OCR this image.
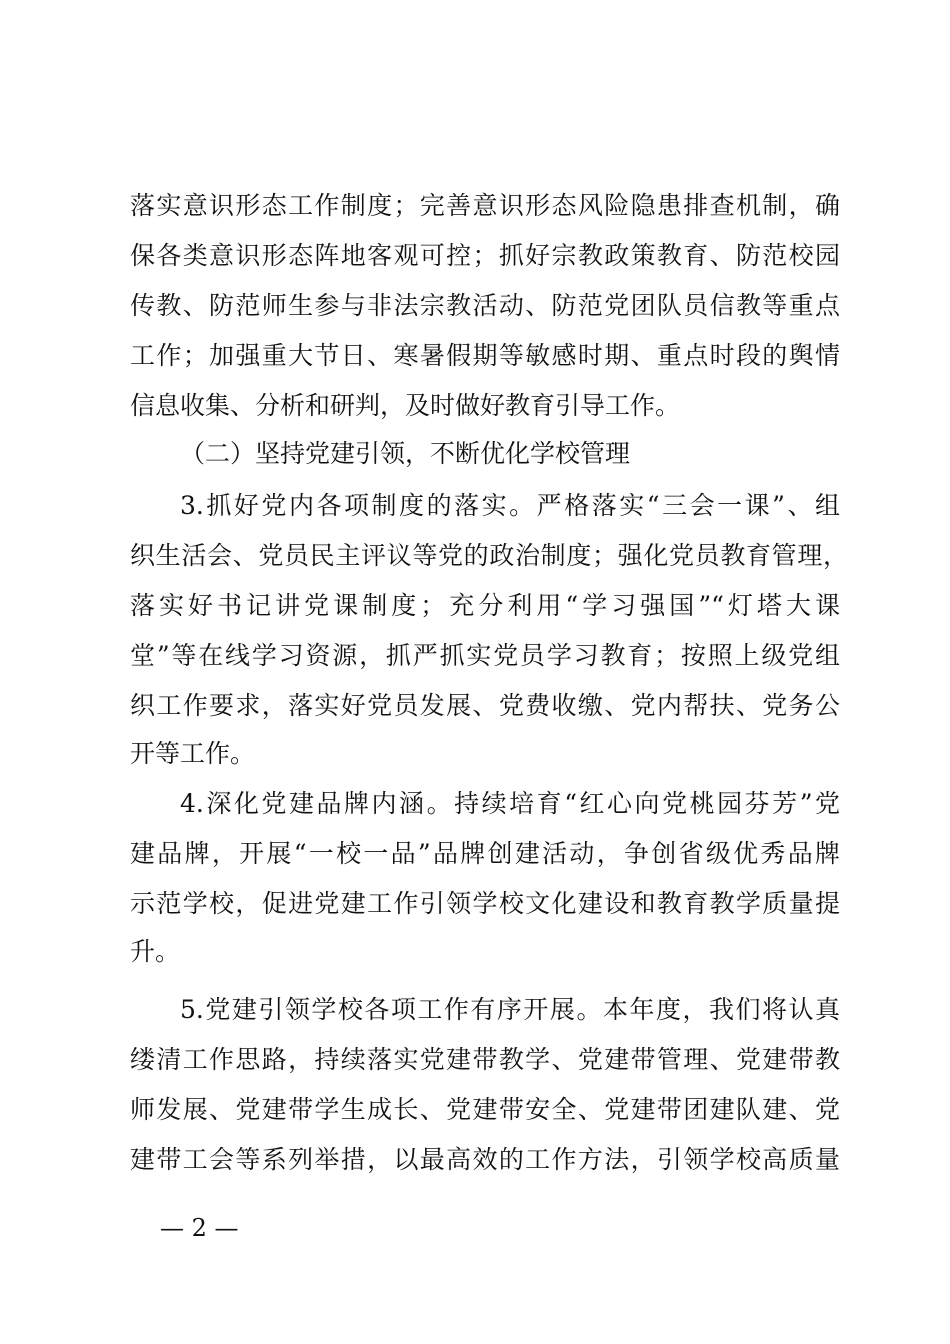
落实意识形态工作制度；完善意识形态风险隐患排查机制，确
保各类意识形态阵地客观可控；抓好宗教政策教育、防范校园
传教、防范师生参与非法宗教活动、防范党团队员信教等重点
工作；加强重大节日、寒暑假期等敏感时期、重点时段的舆情
信息收集、分析和研判，及时做好教育引导工作。
（二）坚持党建引领，不断优化学校管理
3.抓好党内各项制度的落实。严格落实“三会一课”、组
织生活会、党员民主评议等党的政治制度；强化党员教育管理，
落实好书记讲党课制度；充分利用“学习强国”“灯塔大课
堂”等在线学习资源，抓严抓实党员学习教育；按照上级党组
织工作要求，落实好党员发展、党费收缴、党内帮扶、党务公
开等工作。
4.深化党建品牌内涵。持续培育“红心向党桃园芬芳”党
建品牌，开展“一校一品”品牌创建活动，争创省级优秀品牌
示范学校，促进党建工作引领学校文化建设和教育教学质量提
升。
5.党建引领学校各项工作有序开展。本年度，我们将认真
缕清工作思路，持续落实党建带教学、党建带管理、党建带教
师发展、党建带学生成长、党建带安全、党建带团建队建、党
建带工会等系列举措，以最高效的工作方法，引领学校高质量
— 2 —
